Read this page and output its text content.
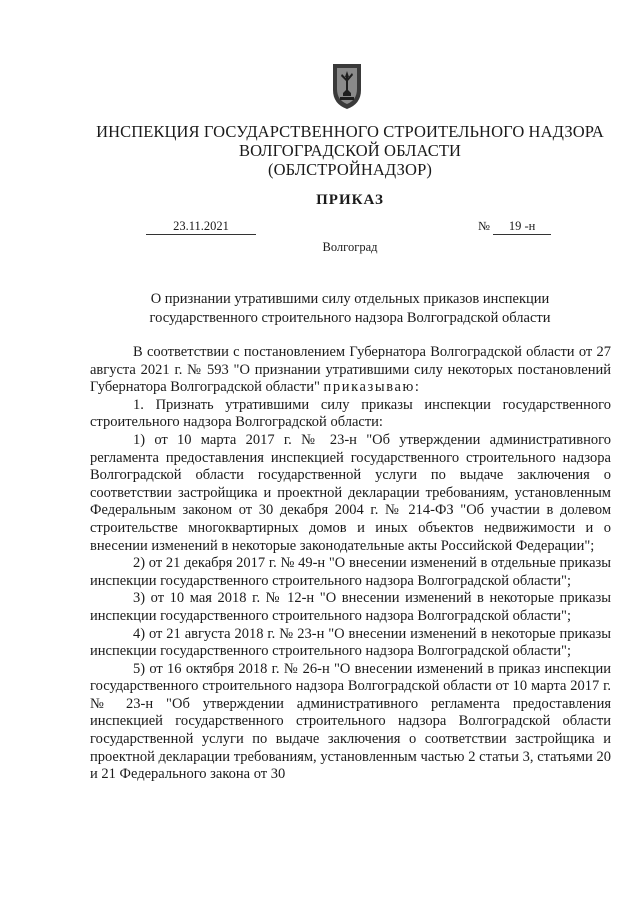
ИНСПЕКЦИЯ ГОСУДАРСТВЕННОГО СТРОИТЕЛЬНОГО НАДЗОРА
ВОЛГОГРАДСКОЙ ОБЛАСТИ
(ОБЛСТРОЙНАДЗОР)
ПРИКАЗ
23.11.2021	№ 19 -н
Волгоград
О признании утратившими силу отдельных приказов инспекции
государственного строительного надзора Волгоградской области

В соответствии с постановлением Губернатора Волгоградской области от 27 августа 2021 г. № 593 "О признании утратившими силу некоторых постановлений Губернатора Волгоградской области" приказываю:

1. Признать утратившими силу приказы инспекции государственного строительного надзора Волгоградской области:

1) от 10 марта 2017 г. № 23-н "Об утверждении административного регламента предоставления инспекцией государственного строительного надзора Волгоградской области государственной услуги по выдаче заключения о соответствии застройщика и проектной декларации требованиям, установленным Федеральным законом от 30 декабря 2004 г. № 214-ФЗ "Об участии в долевом строительстве многоквартирных домов и иных объектов недвижимости и о внесении изменений в некоторые законодательные акты Российской Федерации";

2) от 21 декабря 2017 г. № 49-н "О внесении изменений в отдельные приказы инспекции государственного строительного надзора Волгоградской области";

3) от 10 мая 2018 г. № 12-н "О внесении изменений в некоторые приказы инспекции государственного строительного надзора Волгоградской области";

4) от 21 августа 2018 г. № 23-н "О внесении изменений в некоторые приказы инспекции государственного строительного надзора Волгоградской области";

5) от 16 октября 2018 г. № 26-н "О внесении изменений в приказ инспекции государственного строительного надзора Волгоградской области от 10 марта 2017 г. № 23-н "Об утверждении административного регламента предоставления инспекцией государственного строительного надзора Волгоградской области государственной услуги по выдаче заключения о соответствии застройщика и проектной декларации требованиям, установленным частью 2 статьи 3, статьями 20 и 21 Федерального закона от 30
